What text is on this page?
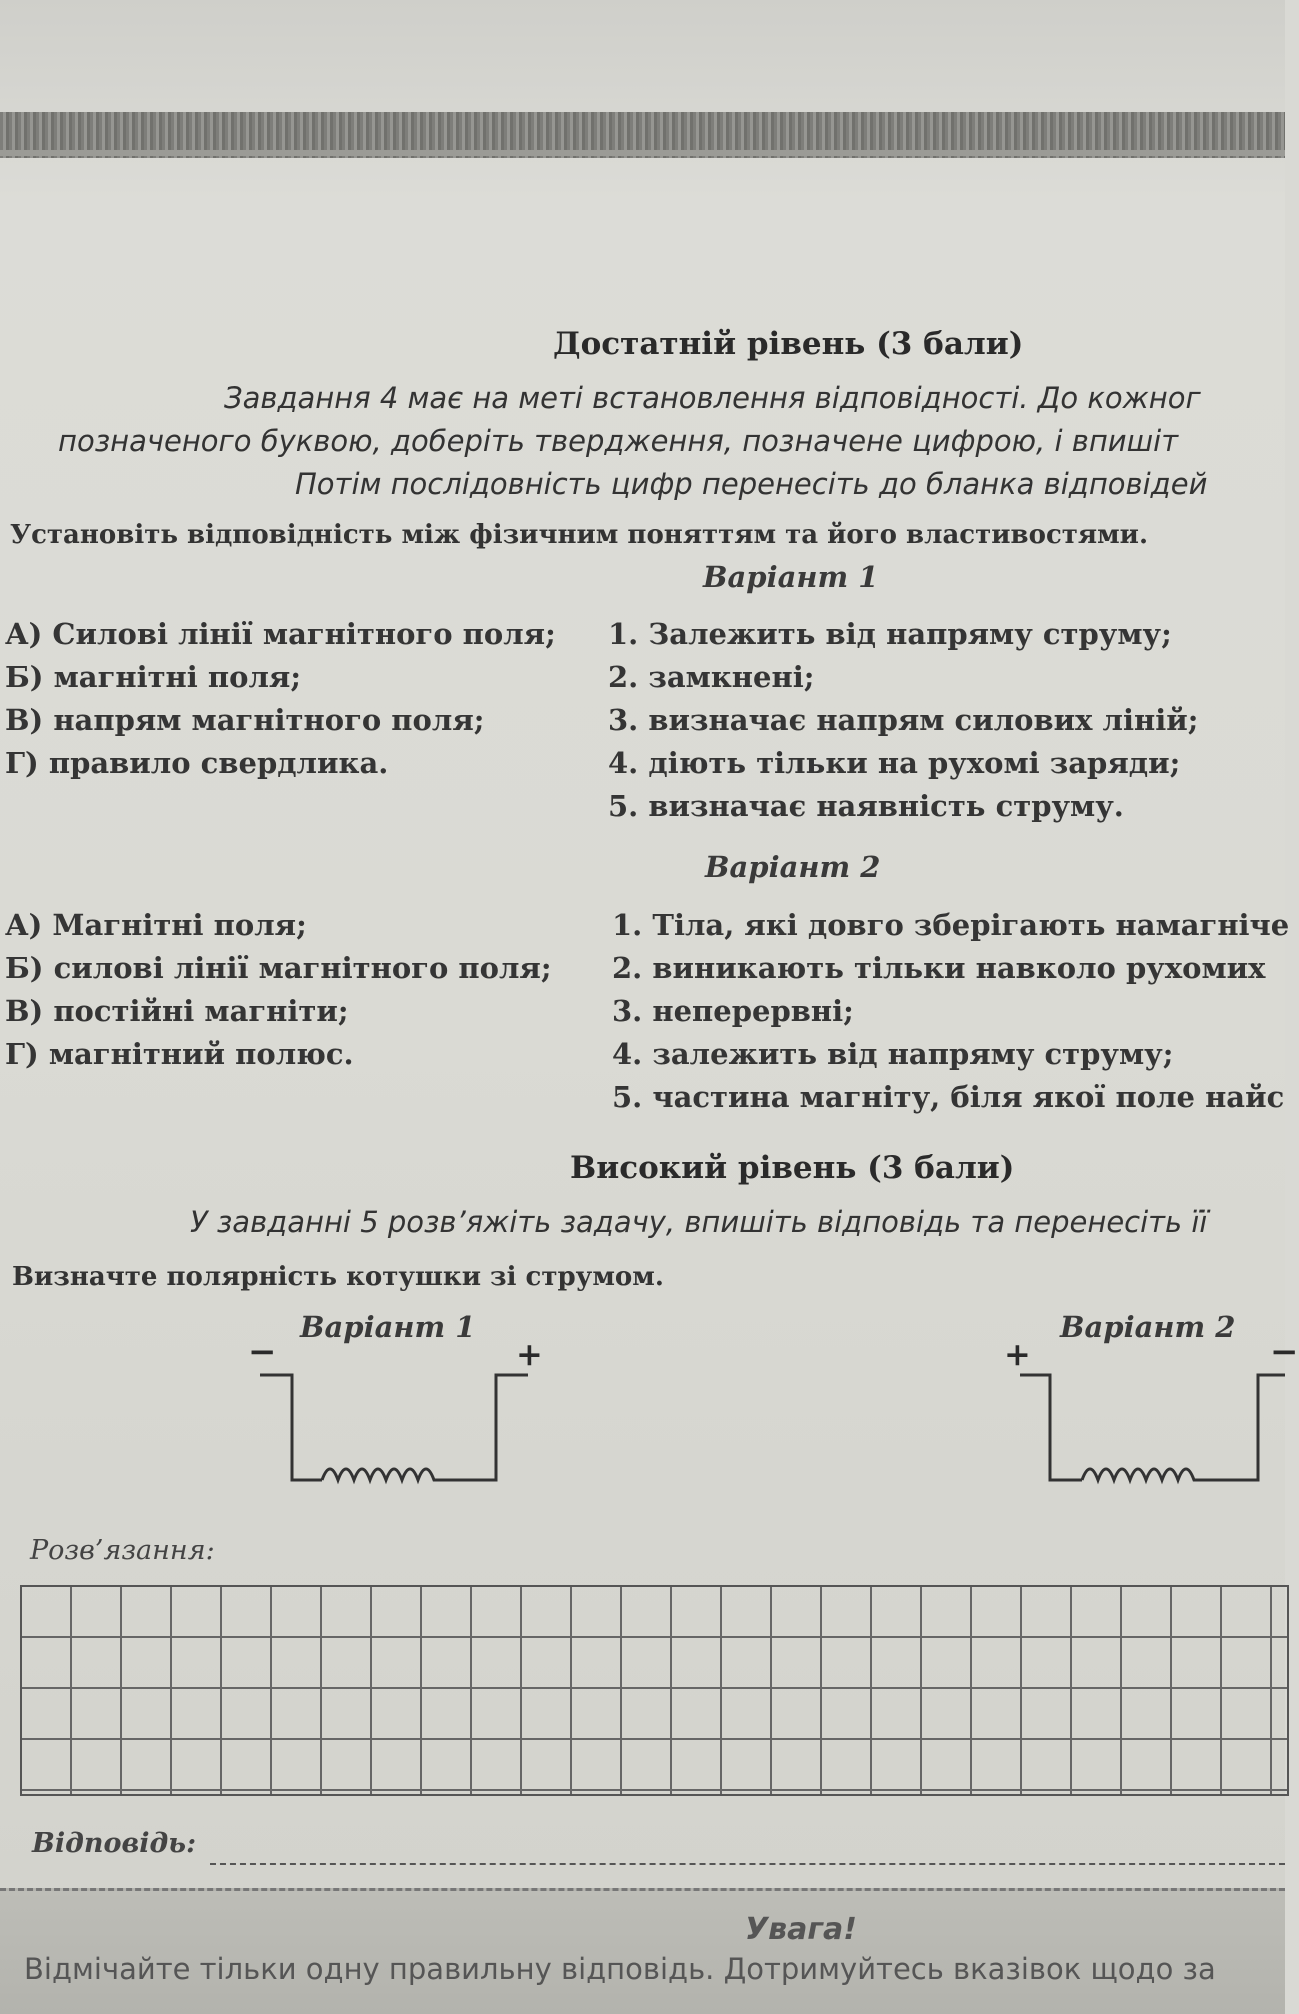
Достатній рівень (3 бали)
Завдання 4 має на меті встановлення відповідності. До кожног
позначеного буквою, доберіть твердження, позначене цифрою, і впишіт
Потім послідовність цифр перенесіть до бланка відповідей
Установіть відповідність між фізичним поняттям та його властивостями.
Варіант 1
А) Силові лінії магнітного поля;
Б) магнітні поля;
В) напрям магнітного поля;
Г) правило свердлика.
1. Залежить від напряму струму;
2. замкнені;
3. визначає напрям силових ліній;
4. діють тільки на рухомі заряди;
5. визначає наявність струму.
Варіант 2
А) Магнітні поля;
Б) силові лінії магнітного поля;
В) постійні магніти;
Г) магнітний полюс.
1. Тіла, які довго зберігають намагніче
2. виникають тільки навколо рухомих
3. неперервні;
4. залежить від напряму струму;
5. частина магніту, біля якої поле найс
Високий рівень (3 бали)
У завданні 5 розв’яжіть задачу, впишіть відповідь та перенесіть її
Визначте полярність котушки зі струмом.
Варіант 1	Варіант 2
−	+	+	−
Розв’язання:
Відповідь:
Увага!
Відмічайте тільки одну правильну відповідь. Дотримуйтесь вказівок щодо за
